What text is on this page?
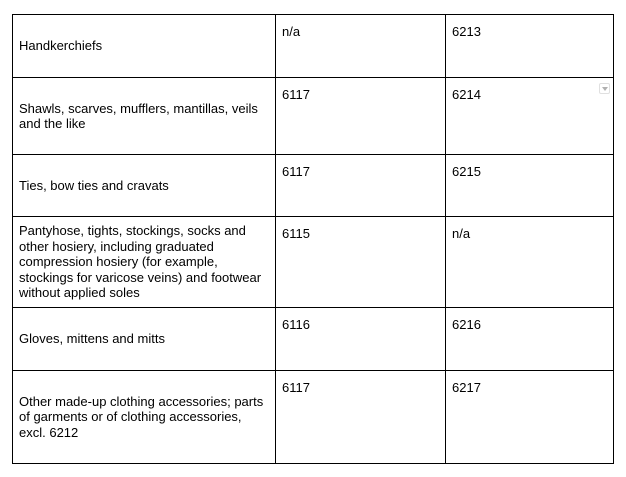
Handkerchiefs	n/a	6213
Shawls, scarves, mufflers, mantillas, veils and the like	6117	6214

Ties, bow ties and cravats	6117	6215
Pantyhose, tights, stockings, socks and other hosiery, including graduated compression hosiery (for example, stockings for varicose veins) and footwear without applied soles	6115	n/a
Gloves, mittens and mitts	6116	6216
Other made-up clothing accessories; parts of garments or of clothing accessories, excl. 6212	6117	6217
